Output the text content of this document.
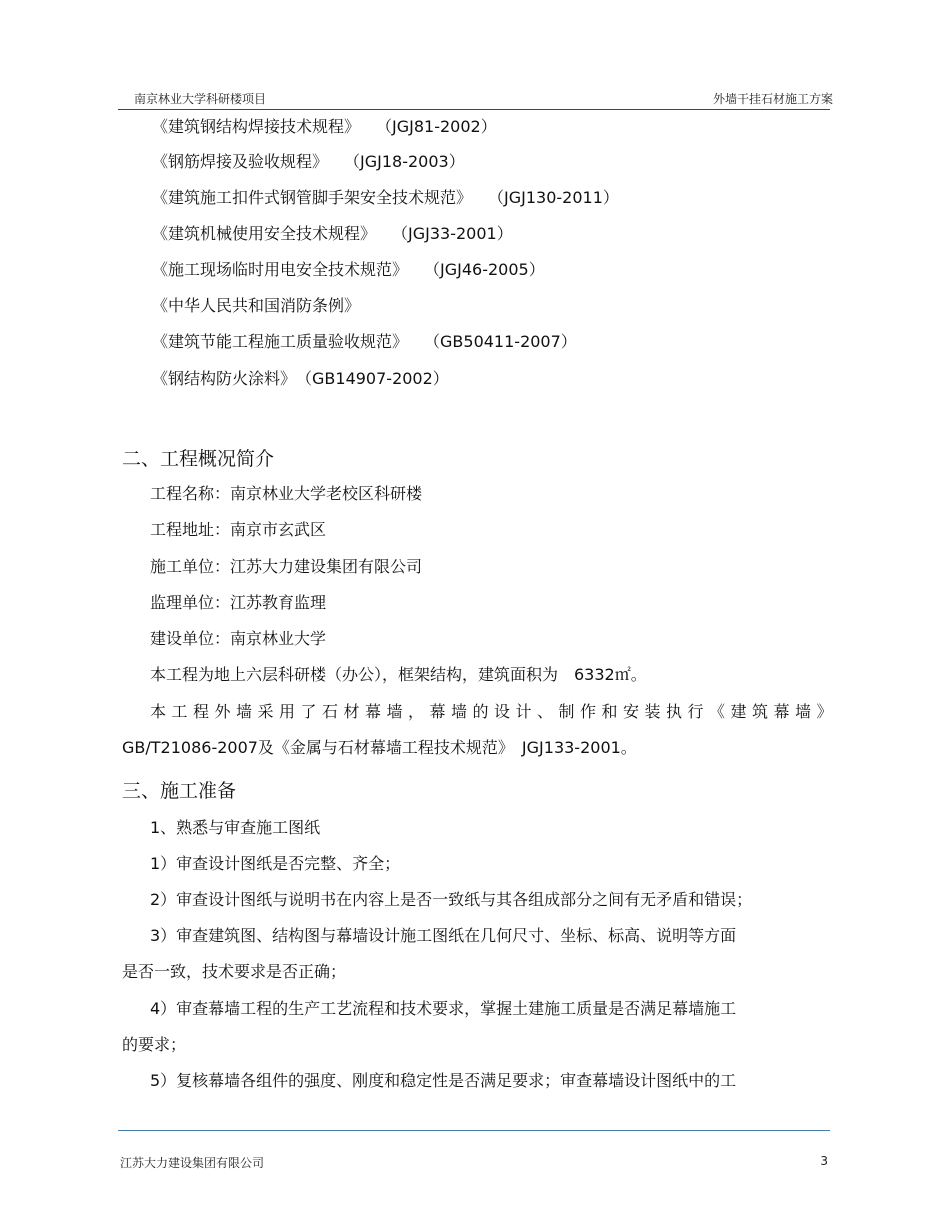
南京林业大学科研楼项目	外墙干挂石材施工方案
《建筑钢结构焊接技术规程》 （JGJ81-2002）
《钢筋焊接及验收规程》 （JGJ18-2003）
《建筑施工扣件式钢管脚手架安全技术规范》 （JGJ130-2011）
《建筑机械使用安全技术规程》 （JGJ33-2001）
《施工现场临时用电安全技术规范》 （JGJ46-2005）
《中华人民共和国消防条例》
《建筑节能工程施工质量验收规范》 （GB50411-2007）
《钢结构防火涂料》 （GB14907-2002）
二、工程概况简介
工程名称：南京林业大学老校区科研楼
工程地址：南京市玄武区
施工单位：江苏大力建设集团有限公司
监理单位：江苏教育监理
建设单位：南京林业大学
本工程为地上六层科研楼（办公），框架结构，建筑面积为　6332㎡。
本工程外墙采用了石材幕墙，幕墙的设计、制作和安装执行《建筑幕墙》
GB/T21086-2007及《金属与石材幕墙工程技术规范》　JGJ133-2001。
三、施工准备
1、熟悉与审查施工图纸
1）审查设计图纸是否完整、齐全；
2）审查设计图纸与说明书在内容上是否一致纸与其各组成部分之间有无矛盾和错误；
3）审查建筑图、结构图与幕墙设计施工图纸在几何尺寸、坐标、标高、说明等方面
是否一致，技术要求是否正确；
4）审查幕墙工程的生产工艺流程和技术要求，掌握土建施工质量是否满足幕墙施工
的要求；
5）复核幕墙各组件的强度、刚度和稳定性是否满足要求；审查幕墙设计图纸中的工
江苏大力建设集团有限公司	3
